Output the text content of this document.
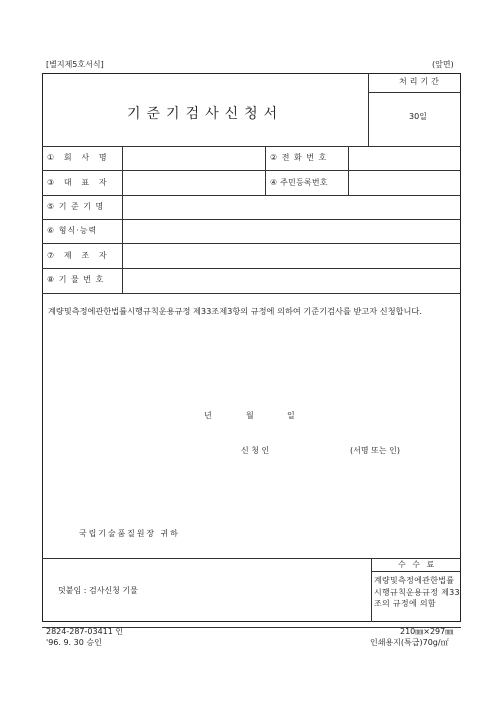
[별지제5호서식]	(앞면)
기준기검사신청서
처리기간
30일
① 회 사 명	② 전 화 번 호
③ 대 표 자	④ 주민등록번호
⑤ 기 준 기 명
⑥ 형식·능력
⑦ 제 조 자
⑧ 기 물 번 호
계량및측정에관한법률시행규칙운용규정 제33조제3항의 규정에 의하여 기준기검사를 받고자 신청합니다.
년	월	일
신 청 인	(서명 또는 인)
국립기술품질원장 귀하
덧붙임 : 검사신청 기물
수 수 료
계량및측정에관한법률시행규칙운용규정 제33조의 규정에 의함
2824-287-03411 인
'96. 9. 30 승인
210㎜×297㎜
인쇄용지(특급)70g/㎡
